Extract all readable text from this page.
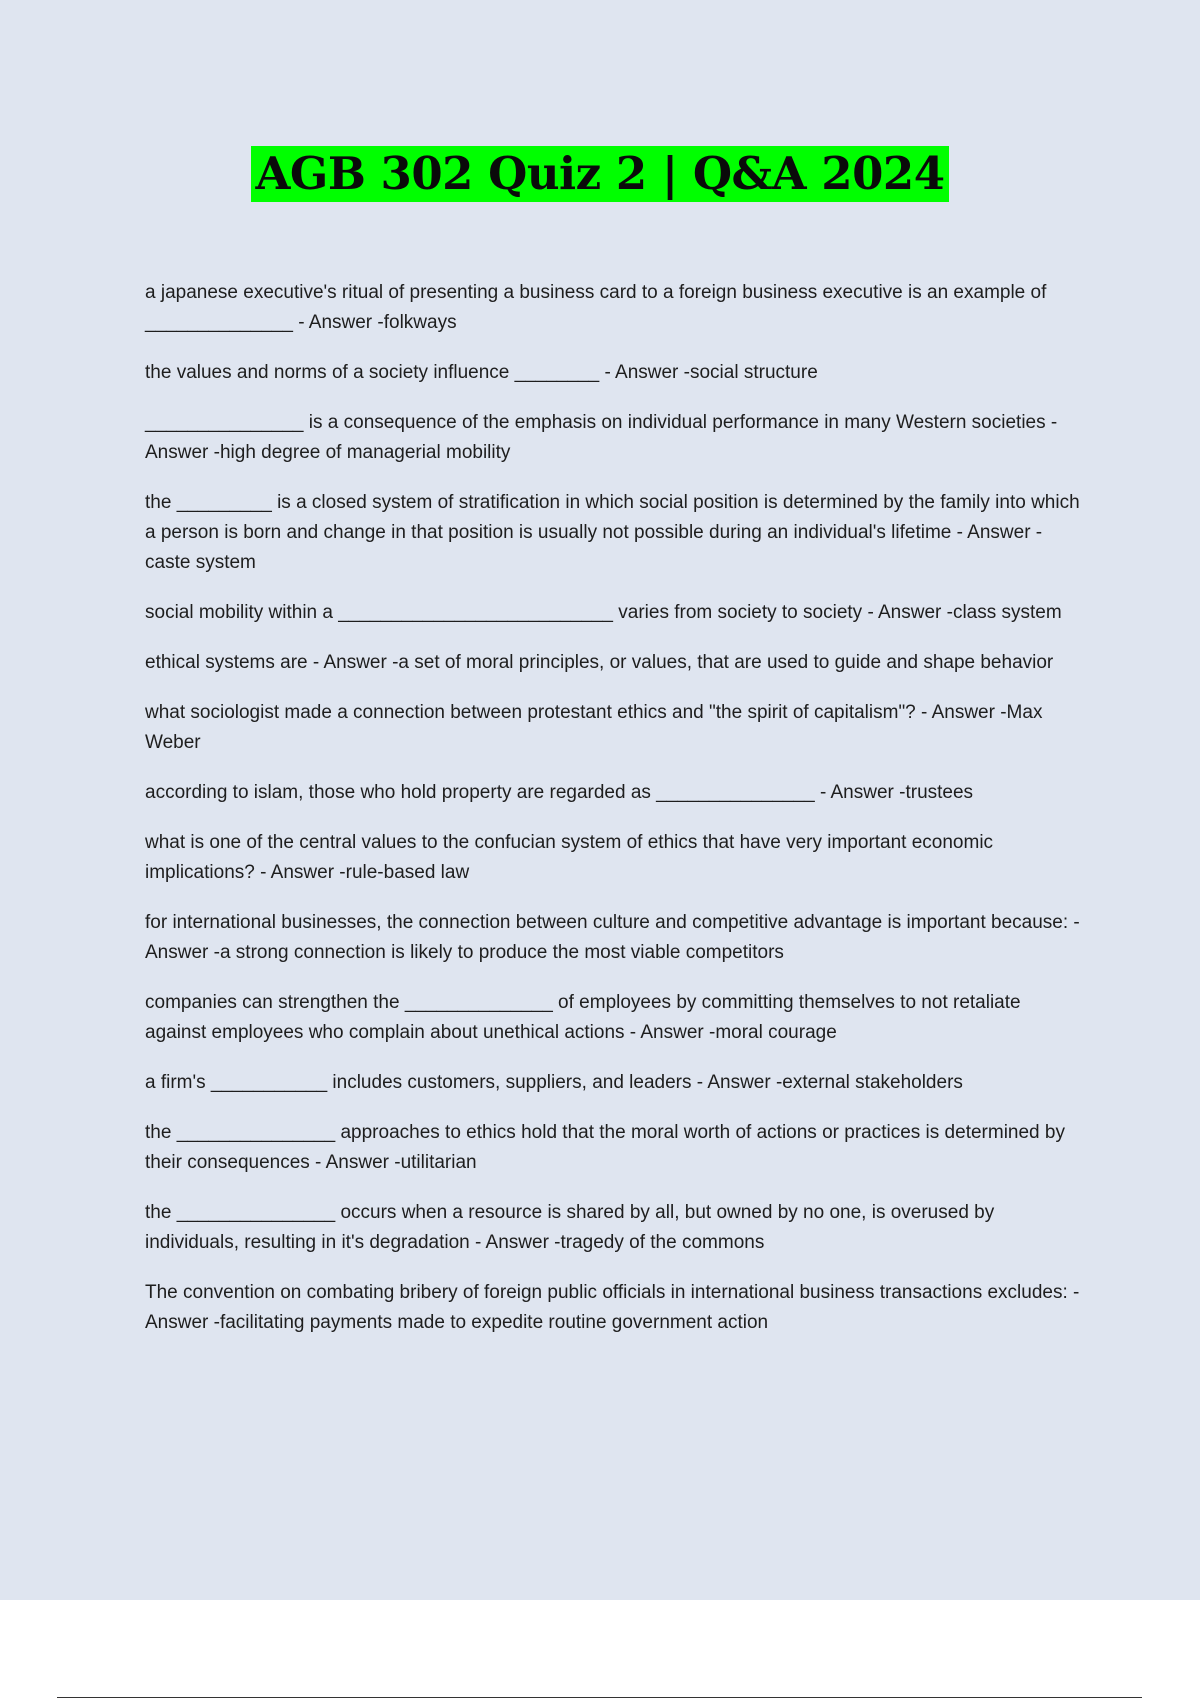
AGB 302 Quiz 2 | Q&A 2024
a japanese executive's ritual of presenting a business card to a foreign business executive is an example of ______________ - Answer -folkways
the values and norms of a society influence ________ - Answer -social structure
_______________ is a consequence of the emphasis on individual performance in many Western societies - Answer -high degree of managerial mobility
the _________ is a closed system of stratification in which social position is determined by the family into which a person is born and change in that position is usually not possible during an individual's lifetime - Answer -caste system
social mobility within a __________________________ varies from society to society - Answer -class system
ethical systems are - Answer -a set of moral principles, or values, that are used to guide and shape behavior
what sociologist made a connection between protestant ethics and "the spirit of capitalism"? - Answer -Max Weber
according to islam, those who hold property are regarded as _______________ - Answer -trustees
what is one of the central values to the confucian system of ethics that have very important economic implications? - Answer -rule-based law
for international businesses, the connection between culture and competitive advantage is important because: - Answer -a strong connection is likely to produce the most viable competitors
companies can strengthen the ______________ of employees by committing themselves to not retaliate against employees who complain about unethical actions - Answer -moral courage
a firm's ___________ includes customers, suppliers, and leaders - Answer -external stakeholders
the _______________ approaches to ethics hold that the moral worth of actions or practices is determined by their consequences - Answer -utilitarian
the _______________ occurs when a resource is shared by all, but owned by no one, is overused by individuals, resulting in it's degradation - Answer -tragedy of the commons
The convention on combating bribery of foreign public officials in international business transactions excludes: - Answer -facilitating payments made to expedite routine government action
